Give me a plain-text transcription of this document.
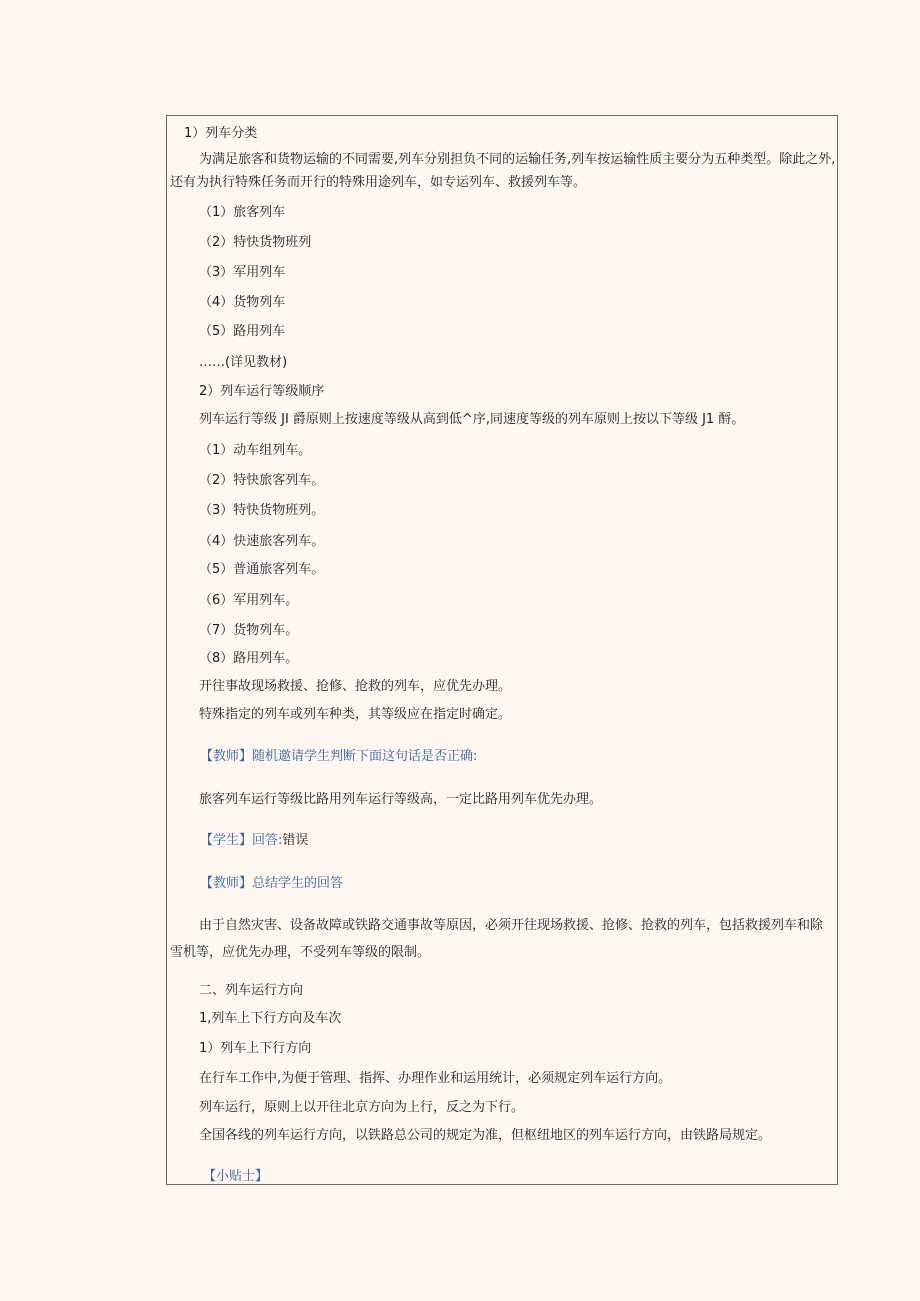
1）列车分类

为满足旅客和货物运输的不同需要,列车分别担负不同的运输任务,列车按运输性质主要分为五种类型。除此之外,

还有为执行特殊任务而开行的特殊用途列车，如专运列车、救援列车等。

（1）旅客列车

（2）特快货物班列

（3）军用列车

（4）货物列车

（5）路用列车

……(详见教材)

2）列车运行等级顺序

列车运行等级 JI 爵原则上按速度等级从高到低^序,同速度等级的列车原则上按以下等级 J1 酹。

（1）动车组列车。

（2）特快旅客列车。

（3）特快货物班列。

（4）快速旅客列车。

（5）普通旅客列车。

（6）军用列车。

（7）货物列车。

（8）路用列车。

开往事故现场救援、抢修、抢救的列车，应优先办理。

特殊指定的列车或列车种类，其等级应在指定时确定。

【教师】随机邀请学生判断下面这句话是否正确:

旅客列车运行等级比路用列车运行等级高，一定比路用列车优先办理。

【学生】回答:错误

【教师】总结学生的回答

由于自然灾害、设备故障或铁路交通事故等原因，必须开往现场救援、抢修、抢救的列车，包括救援列车和除

雪机等，应优先办理，不受列车等级的限制。

二、列车运行方向

1,列车上下行方向及车次

1）列车上下行方向

在行车工作中,为便于管理、指挥、办理作业和运用统计，必须规定列车运行方向。

列车运行，原则上以开往北京方向为上行，反之为下行。

全国各线的列车运行方向，以铁路总公司的规定为准，但枢纽地区的列车运行方向，由铁路局规定。

【小贴士】
